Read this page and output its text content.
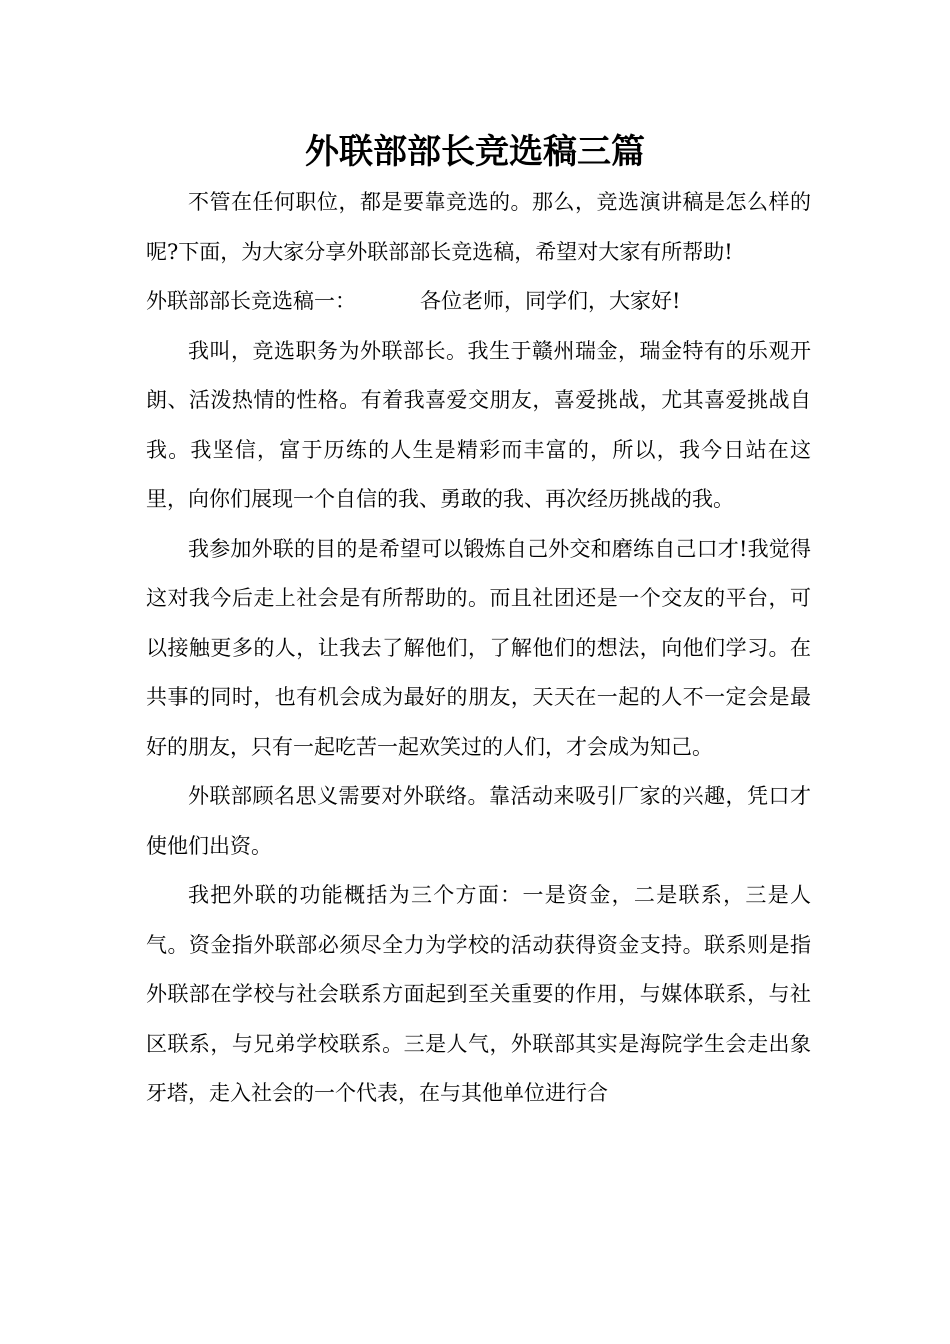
外联部部长竞选稿三篇

不管在任何职位，都是要靠竞选的。那么，竞选演讲稿是怎么样的呢?下面，为大家分享外联部部长竞选稿，希望对大家有所帮助!

外联部部长竞选稿一：	各位老师，同学们，大家好!

我叫，竞选职务为外联部长。我生于赣州瑞金，瑞金特有的乐观开朗、活泼热情的性格。有着我喜爱交朋友，喜爱挑战，尤其喜爱挑战自我。我坚信，富于历练的人生是精彩而丰富的，所以，我今日站在这里，向你们展现一个自信的我、勇敢的我、再次经历挑战的我。

我参加外联的目的是希望可以锻炼自己外交和磨练自己口才!我觉得这对我今后走上社会是有所帮助的。而且社团还是一个交友的平台，可以接触更多的人，让我去了解他们，了解他们的想法，向他们学习。在共事的同时，也有机会成为最好的朋友，天天在一起的人不一定会是最好的朋友，只有一起吃苦一起欢笑过的人们，才会成为知己。

外联部顾名思义需要对外联络。靠活动来吸引厂家的兴趣，凭口才使他们出资。

我把外联的功能概括为三个方面：一是资金，二是联系，三是人气。资金指外联部必须尽全力为学校的活动获得资金支持。联系则是指外联部在学校与社会联系方面起到至关重要的作用，与媒体联系，与社区联系，与兄弟学校联系。三是人气，外联部其实是海院学生会走出象牙塔，走入社会的一个代表，在与其他单位进行合
